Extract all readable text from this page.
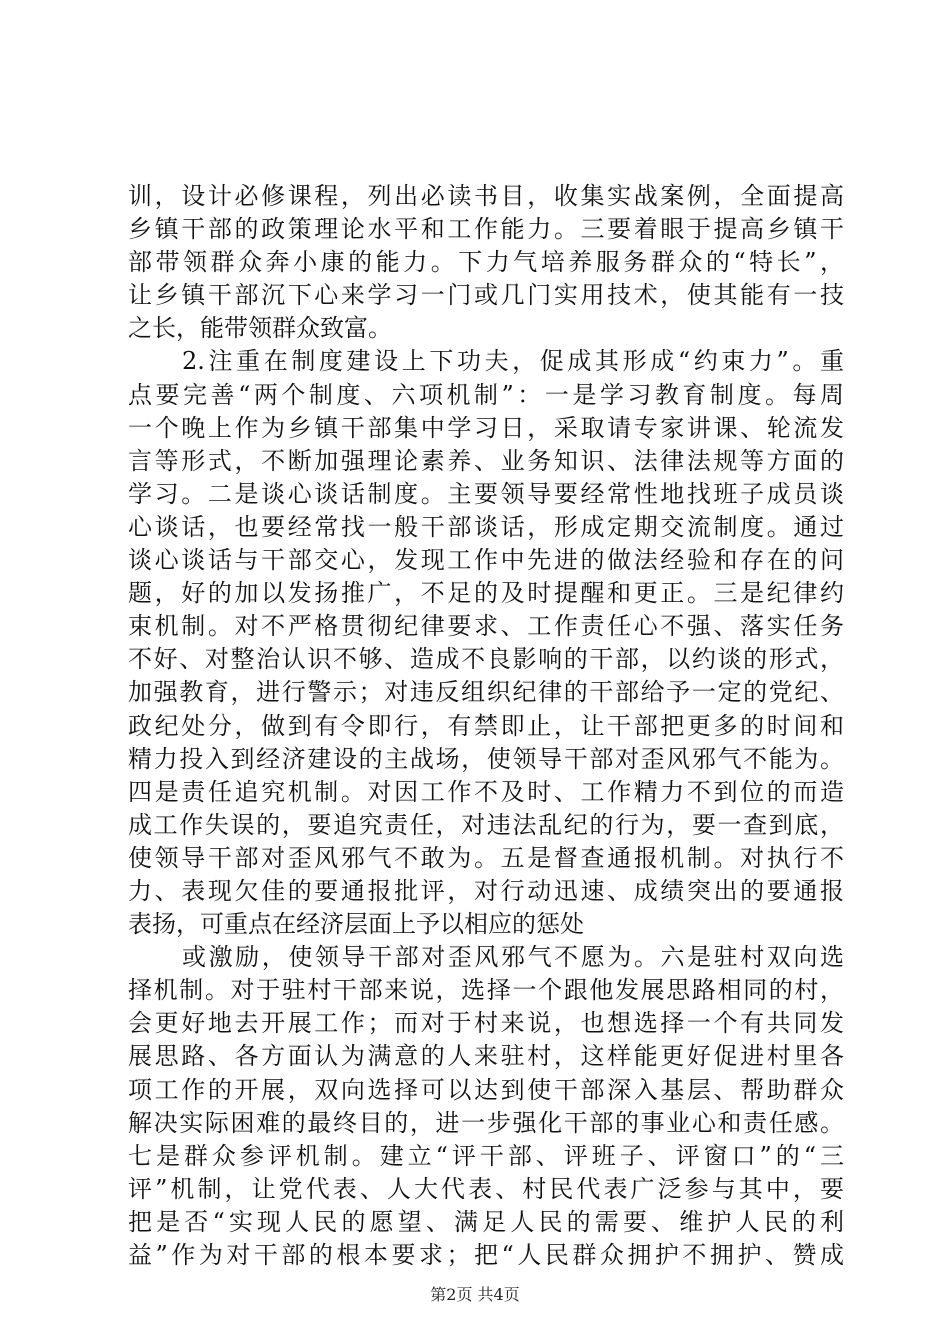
训，设计必修课程，列出必读书目，收集实战案例，全面提高
乡镇干部的政策理论水平和工作能力。三要着眼于提高乡镇干
部带领群众奔小康的能力。下力气培养服务群众的“特长”，
让乡镇干部沉下心来学习一门或几门实用技术，使其能有一技
之长，能带领群众致富。
2.注重在制度建设上下功夫，促成其形成“约束力”。重
点要完善“两个制度、六项机制”：一是学习教育制度。每周
一个晚上作为乡镇干部集中学习日，采取请专家讲课、轮流发
言等形式，不断加强理论素养、业务知识、法律法规等方面的
学习。二是谈心谈话制度。主要领导要经常性地找班子成员谈
心谈话，也要经常找一般干部谈话，形成定期交流制度。通过
谈心谈话与干部交心，发现工作中先进的做法经验和存在的问
题，好的加以发扬推广，不足的及时提醒和更正。三是纪律约
束机制。对不严格贯彻纪律要求、工作责任心不强、落实任务
不好、对整治认识不够、造成不良影响的干部，以约谈的形式，
加强教育，进行警示；对违反组织纪律的干部给予一定的党纪、
政纪处分，做到有令即行，有禁即止，让干部把更多的时间和
精力投入到经济建设的主战场，使领导干部对歪风邪气不能为。
四是责任追究机制。对因工作不及时、工作精力不到位的而造
成工作失误的，要追究责任，对违法乱纪的行为，要一查到底，
使领导干部对歪风邪气不敢为。五是督查通报机制。对执行不
力、表现欠佳的要通报批评，对行动迅速、成绩突出的要通报
表扬，可重点在经济层面上予以相应的惩处
或激励，使领导干部对歪风邪气不愿为。六是驻村双向选
择机制。对于驻村干部来说，选择一个跟他发展思路相同的村，
会更好地去开展工作；而对于村来说，也想选择一个有共同发
展思路、各方面认为满意的人来驻村，这样能更好促进村里各
项工作的开展，双向选择可以达到使干部深入基层、帮助群众
解决实际困难的最终目的，进一步强化干部的事业心和责任感。
七是群众参评机制。建立“评干部、评班子、评窗口”的“三
评”机制，让党代表、人大代表、村民代表广泛参与其中，要
把是否“实现人民的愿望、满足人民的需要、维护人民的利
益”作为对干部的根本要求；把“人民群众拥护不拥护、赞成
第2页 共4页
